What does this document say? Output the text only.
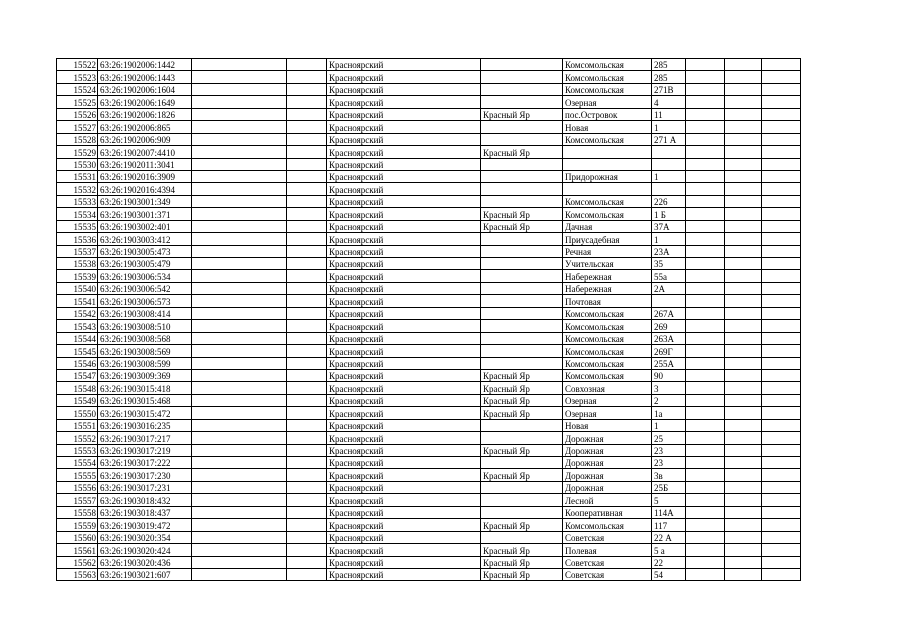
15522	63:26:1902006:1442			Красноярский		Комсомольская	285			
15523	63:26:1902006:1443			Красноярский		Комсомольская	285			
15524	63:26:1902006:1604			Красноярский		Комсомольская	271В			
15525	63:26:1902006:1649			Красноярский		Озерная	4			
15526	63:26:1902006:1826			Красноярский	Красный Яр	пос.Островок	11			
15527	63:26:1902006:865			Красноярский		Новая	1			
15528	63:26:1902006:909			Красноярский		Комсомольская	271 А			
15529	63:26:1902007:4410			Красноярский	Красный Яр					
15530	63:26:1902011:3041			Красноярский						
15531	63:26:1902016:3909			Красноярский		Придорожная	1			
15532	63:26:1902016:4394			Красноярский						
15533	63:26:1903001:349			Красноярский		Комсомольская	226			
15534	63:26:1903001:371			Красноярский	Красный Яр	Комсомольская	1 Б			
15535	63:26:1903002:401			Красноярский	Красный Яр	Дачная	37А			
15536	63:26:1903003:412			Красноярский		Приусадебная	1			
15537	63:26:1903005:473			Красноярский		Речная	23А			
15538	63:26:1903005:479			Красноярский		Учительская	35			
15539	63:26:1903006:534			Красноярский		Набережная	55а			
15540	63:26:1903006:542			Красноярский		Набережная	2А			
15541	63:26:1903006:573			Красноярский		Почтовая				
15542	63:26:1903008:414			Красноярский		Комсомольская	267А			
15543	63:26:1903008:510			Красноярский		Комсомольская	269			
15544	63:26:1903008:568			Красноярский		Комсомольская	263А			
15545	63:26:1903008:569			Красноярский		Комсомольская	269Г			
15546	63:26:1903008:599			Красноярский		Комсомольская	255А			
15547	63:26:1903009:369			Красноярский	Красный Яр	Комсомольская	90			
15548	63:26:1903015:418			Красноярский	Красный Яр	Совхозная	3			
15549	63:26:1903015:468			Красноярский	Красный Яр	Озерная	2			
15550	63:26:1903015:472			Красноярский	Красный Яр	Озерная	1а			
15551	63:26:1903016:235			Красноярский		Новая	1			
15552	63:26:1903017:217			Красноярский		Дорожная	25			
15553	63:26:1903017:219			Красноярский	Красный Яр	Дорожная	23			
15554	63:26:1903017:222			Красноярский		Дорожная	23			
15555	63:26:1903017:230			Красноярский	Красный Яр	Дорожная	3в			
15556	63:26:1903017:231			Красноярский		Дорожная	25Б			
15557	63:26:1903018:432			Красноярский		Лесной	5			
15558	63:26:1903018:437			Красноярский		Кооперативная	114А			
15559	63:26:1903019:472			Красноярский	Красный Яр	Комсомольская	117			
15560	63:26:1903020:354			Красноярский		Советская	22 А			
15561	63:26:1903020:424			Красноярский	Красный Яр	Полевая	5 а			
15562	63:26:1903020:436			Красноярский	Красный Яр	Советская	22			
15563	63:26:1903021:607			Красноярский	Красный Яр	Советская	54			
